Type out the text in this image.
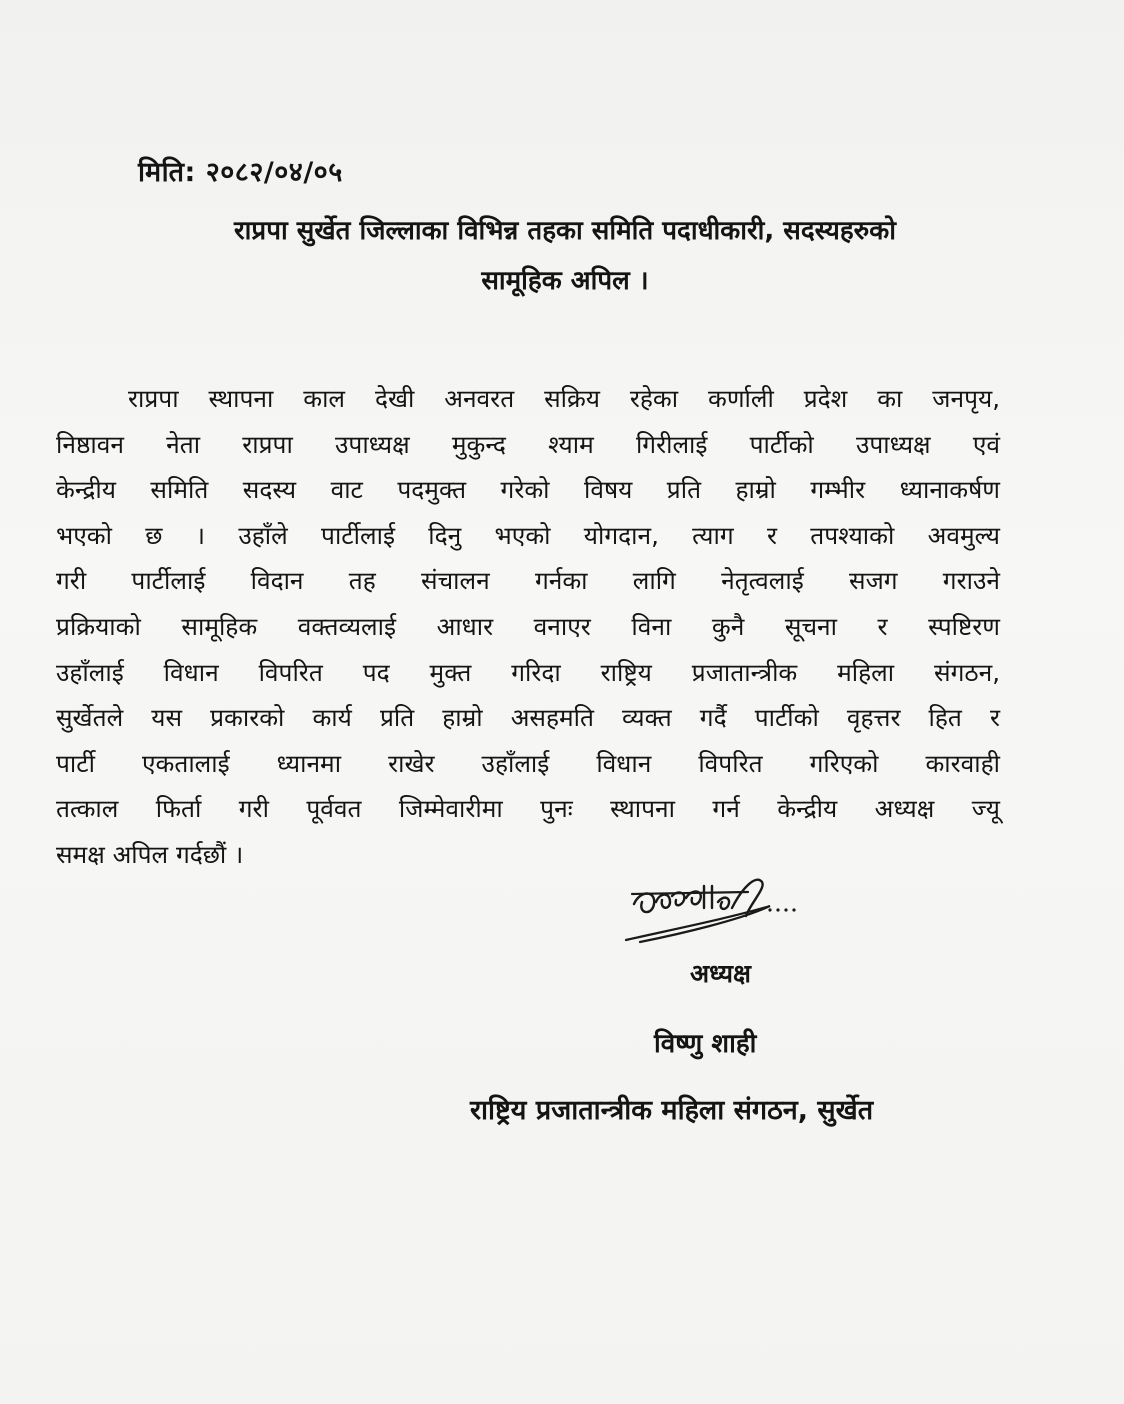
मिति: २०८२/०४/०५
राप्रपा सुर्खेत जिल्लाका विभिन्न तहका समिति पदाधीकारी, सदस्यहरुको
सामूहिक अपिल ।
राप्रपा स्थापना काल देखी अनवरत सक्रिय रहेका कर्णाली प्रदेश का जनपृय,
निष्ठावन नेता राप्रपा उपाध्यक्ष मुकुन्द श्याम गिरीलाई पार्टीको उपाध्यक्ष एवं
केन्द्रीय समिति सदस्य वाट पदमुक्त गरेको विषय प्रति हाम्रो गम्भीर ध्यानाकर्षण
भएको छ । उहाँले पार्टीलाई दिनु भएको योगदान, त्याग र तपश्याको अवमुल्य
गरी पार्टीलाई विदान तह संचालन गर्नका लागि नेतृत्वलाई सजग गराउने
प्रक्रियाको सामूहिक वक्तव्यलाई आधार वनाएर विना कुनै सूचना र स्पष्टिरण
उहाँलाई विधान विपरित पद मुक्त गरिदा राष्ट्रिय प्रजातान्त्रीक महिला संगठन,
सुर्खेतले यस प्रकारको कार्य प्रति हाम्रो असहमति व्यक्त गर्दै पार्टीको वृहत्तर हित र
पार्टी एकतालाई ध्यानमा राखेर उहाँलाई विधान विपरित गरिएको कारवाही
तत्काल फिर्ता गरी पूर्ववत जिम्मेवारीमा पुनः स्थापना गर्न केन्द्रीय अध्यक्ष ज्यू
समक्ष अपिल गर्दछौं ।
अध्यक्ष
विष्णु शाही
राष्ट्रिय प्रजातान्त्रीक महिला संगठन, सुर्खेत
